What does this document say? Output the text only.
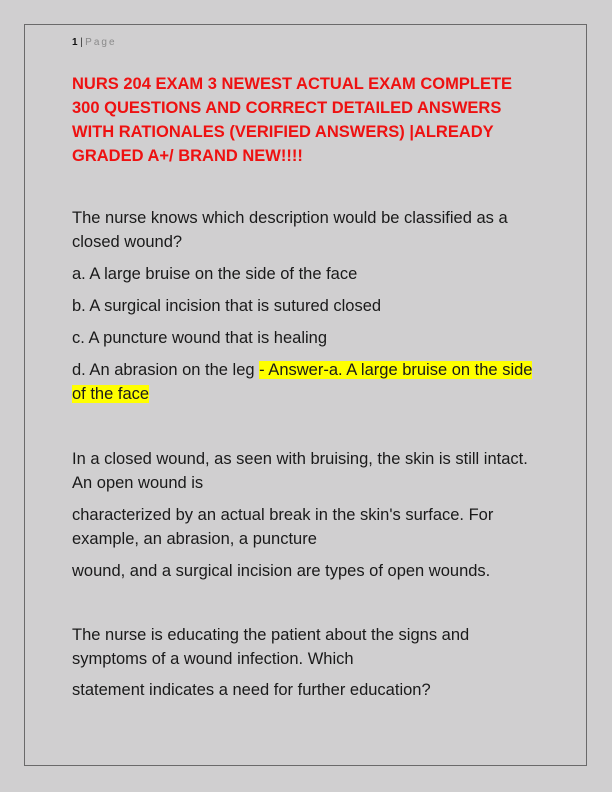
1 | Page
NURS 204 EXAM 3 NEWEST ACTUAL EXAM COMPLETE 300 QUESTIONS AND CORRECT DETAILED ANSWERS WITH RATIONALES (VERIFIED ANSWERS) |ALREADY GRADED A+/ BRAND NEW!!!!
The nurse knows which description would be classified as a closed wound?
a. A large bruise on the side of the face
b. A surgical incision that is sutured closed
c. A puncture wound that is healing
d. An abrasion on the leg - Answer-a. A large bruise on the side of the face
In a closed wound, as seen with bruising, the skin is still intact. An open wound is
characterized by an actual break in the skin's surface. For example, an abrasion, a puncture
wound, and a surgical incision are types of open wounds.
The nurse is educating the patient about the signs and symptoms of a wound infection. Which
statement indicates a need for further education?
